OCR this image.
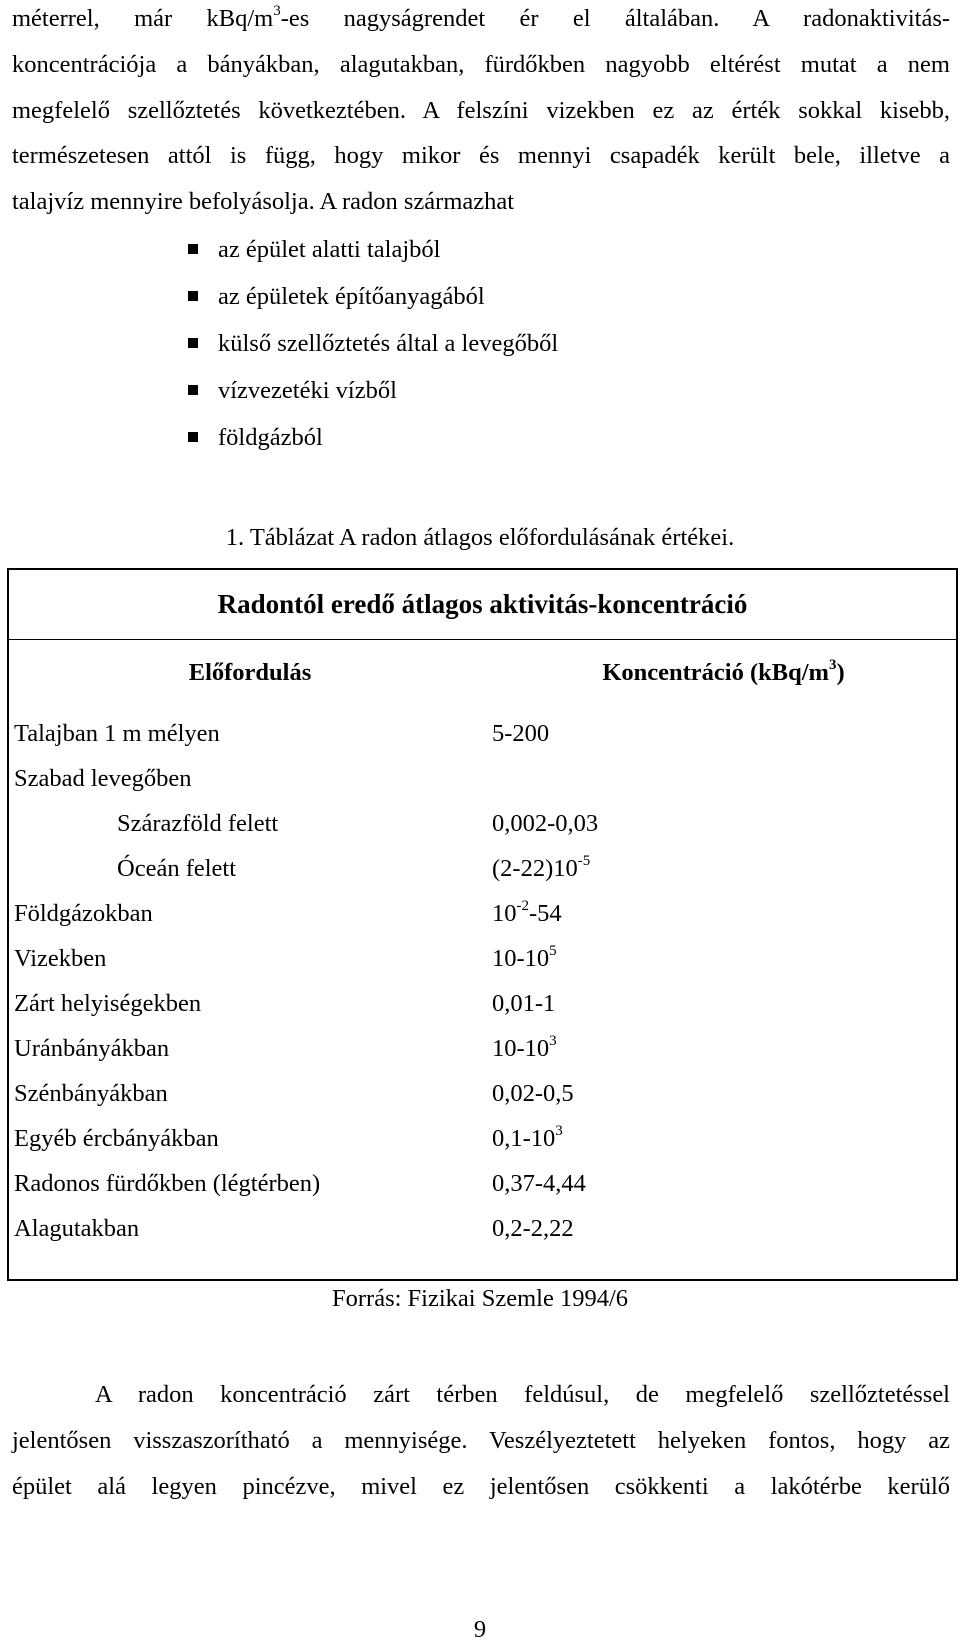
méterrel, már kBq/$m^3-es$ nagyságrendet ér el általában. A radonaktivitás-
koncentrációja a bányákban, alagutakban, fürdőkben nagyobb eltérést mutat a nem
megfelelő szellőztetés következtében. A felszíni vizekben ez az érték sokkal kisebb,
természetesen attól is függ, hogy mikor és mennyi csapadék került bele, illetve a
talajvíz mennyire befolyásolja. A radon származhat
az épület alatti talajból
az épületek építőanyagából
külső szellőztetés által a levegőből
vízvezetéki vízből
földgázból
1. Táblázat A radon átlagos előfordulásának értékei.
Radontól eredő átlagos aktivitás-koncentráció
Előfordulás	Koncentráció $(kBq/m^3)$
Talajban 1 m mélyen	5-200
Szabad levegőben
Szárazföld felett	0,002-0,03
Óceán felett	$(2-22)10^{-5}$
Földgázokban	$10^{-2}-54$
Vizekben	$10-10^5$
Zárt helyiségekben	0,01-1
Uránbányákban	$10-10^3$
Szénbányákban	0,02-0,5
Egyéb ércbányákban	$0,1-10^3$
Radonos fürdőkben (légtérben)	0,37-4,44
Alagutakban	0,2-2,22
Forrás: Fizikai Szemle 1994/6
A radon koncentráció zárt térben feldúsul, de megfelelő szellőztetéssel
jelentősen visszaszorítható a mennyisége. Veszélyeztetett helyeken fontos, hogy az
épület alá legyen pincézve, mivel ez jelentősen csökkenti a lakótérbe kerülő
9
